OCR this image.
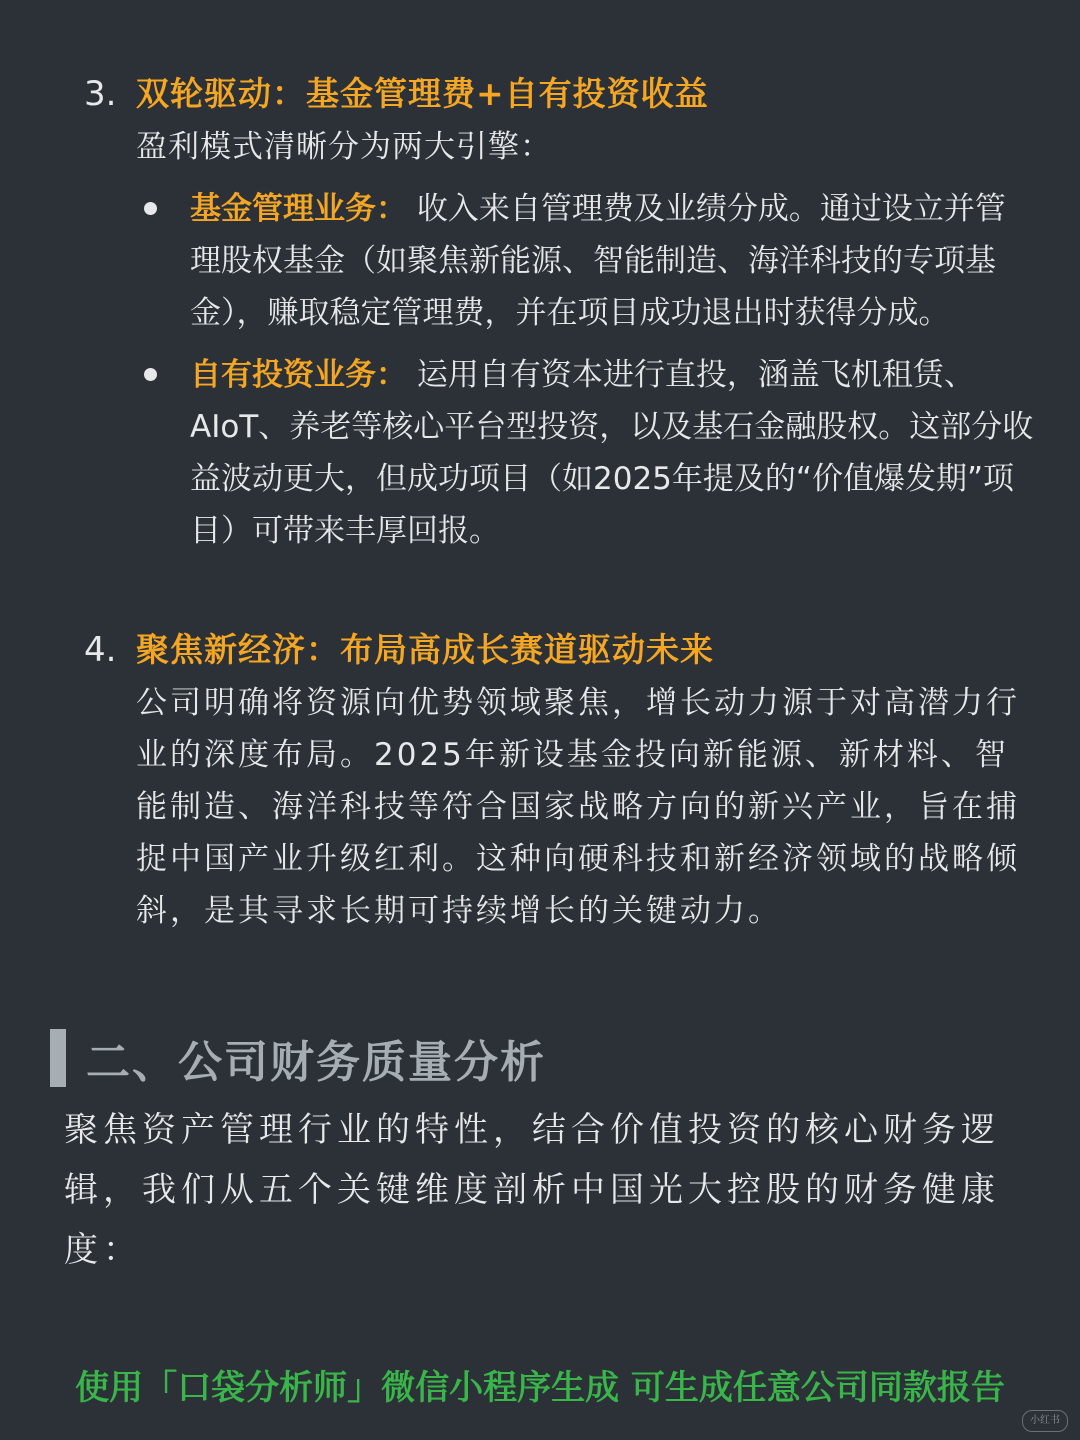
3. 双轮驱动：基金管理费+自有投资收益
盈利模式清晰分为两大引擎：
基金管理业务： 收入来自管理费及业绩分成。通过设立并管理股权基金（如聚焦新能源、智能制造、海洋科技的专项基金），赚取稳定管理费，并在项目成功退出时获得分成。
自有投资业务： 运用自有资本进行直投，涵盖飞机租赁、AIoT、养老等核心平台型投资，以及基石金融股权。这部分收益波动更大，但成功项目（如2025年提及的“价值爆发期”项目）可带来丰厚回报。
4. 聚焦新经济：布局高成长赛道驱动未来
公司明确将资源向优势领域聚焦，增长动力源于对高潜力行业的深度布局。2025年新设基金投向新能源、新材料、智能制造、海洋科技等符合国家战略方向的新兴产业，旨在捕捉中国产业升级红利。这种向硬科技和新经济领域的战略倾斜，是其寻求长期可持续增长的关键动力。
二、公司财务质量分析
聚焦资产管理行业的特性，结合价值投资的核心财务逻辑，我们从五个关键维度剖析中国光大控股的财务健康度：
使用「口袋分析师」微信小程序生成 可生成任意公司同款报告
小红书
